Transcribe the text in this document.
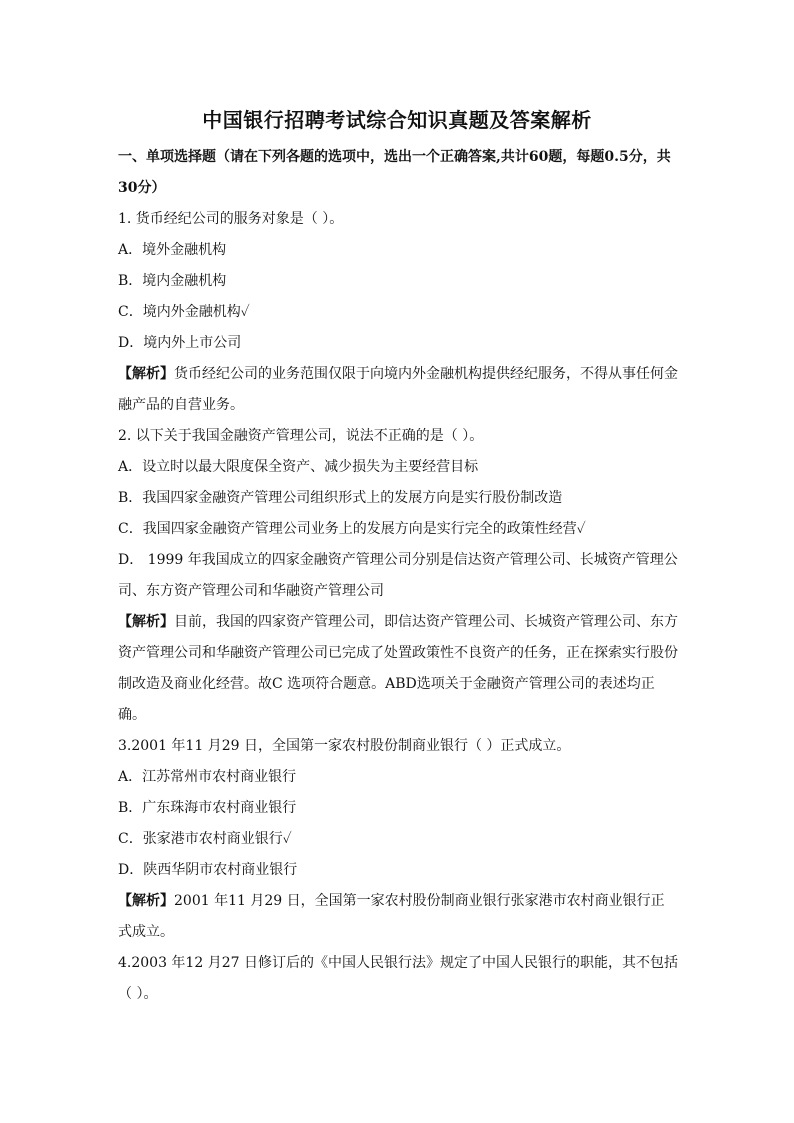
中国银行招聘考试综合知识真题及答案解析
一、单项选择题（请在下列各题的选项中，选出一个正确答案,共计60题，每题0.5分，共30分）
1. 货币经纪公司的服务对象是（ ）。
A．境外金融机构
B．境内金融机构
C．境内外金融机构✓
D．境内外上市公司
【解析】货币经纪公司的业务范围仅限于向境内外金融机构提供经纪服务，不得从事任何金融产品的自营业务。
2. 以下关于我国金融资产管理公司，说法不正确的是（ ）。
A．设立时以最大限度保全资产、减少损失为主要经营目标
B．我国四家金融资产管理公司组织形式上的发展方向是实行股份制改造
C．我国四家金融资产管理公司业务上的发展方向是实行完全的政策性经营✓
D． 1999 年我国成立的四家金融资产管理公司分别是信达资产管理公司、长城资产管理公司、东方资产管理公司和华融资产管理公司
【解析】目前，我国的四家资产管理公司，即信达资产管理公司、长城资产管理公司、东方资产管理公司和华融资产管理公司已完成了处置政策性不良资产的任务，正在探索实行股份制改造及商业化经营。故C 选项符合题意。ABD选项关于金融资产管理公司的表述均正确。
3.2001 年11 月29 日，全国第一家农村股份制商业银行（ ）正式成立。
A．江苏常州市农村商业银行
B．广东珠海市农村商业银行
C．张家港市农村商业银行✓
D．陕西华阴市农村商业银行
【解析】2001 年11 月29 日，全国第一家农村股份制商业银行张家港市农村商业银行正式成立。
4.2003 年12 月27 日修订后的《中国人民银行法》规定了中国人民银行的职能，其不包括（ ）。
